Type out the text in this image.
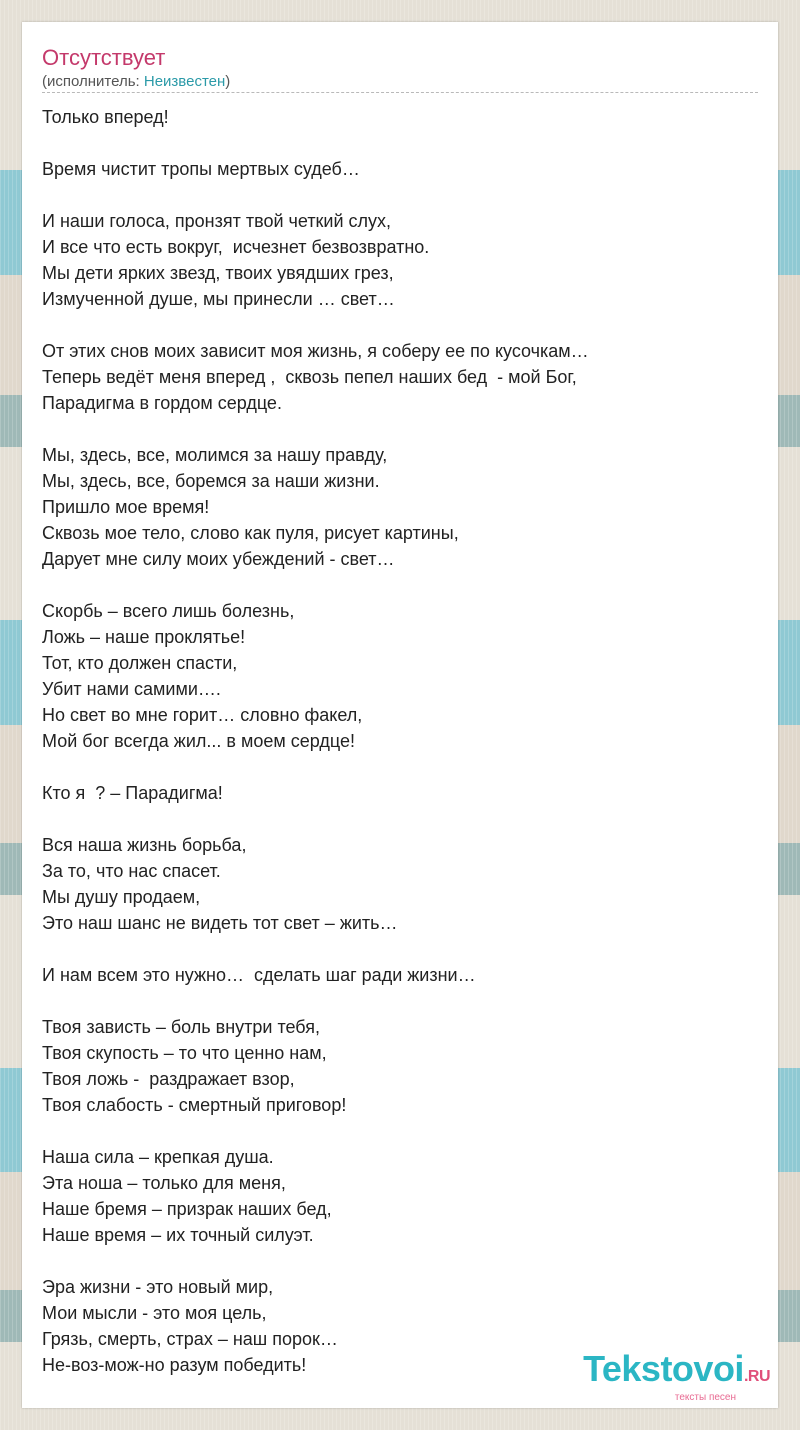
Отсутствует
(исполнитель: Неизвестен)
Только вперед!
Время чистит тропы мертвых судеб…
И наши голоса, пронзят твой четкий слух,
И все что есть вокруг,  исчезнет безвозвратно.
Мы дети ярких звезд, твоих увядших грез,
Измученной душе, мы принесли … свет…
От этих снов моих зависит моя жизнь, я соберу ее по кусочкам…
Теперь ведёт меня вперед ,  сквозь пепел наших бед  - мой Бог,
Парадигма в гордом сердце.
Мы, здесь, все, молимся за нашу правду,
Мы, здесь, все, боремся за наши жизни.
Пришло мое время!
Сквозь мое тело, слово как пуля, рисует картины,
Дарует мне силу моих убеждений - свет…
Скорбь – всего лишь болезнь,
Ложь – наше проклятье!
Тот, кто должен спасти,
Убит нами самими….
Но свет во мне горит… словно факел,
Мой бог всегда жил... в моем сердце!
Кто я  ? – Парадигма!
Вся наша жизнь борьба,
За то, что нас спасет.
Мы душу продаем,
Это наш шанс не видеть тот свет – жить…
И нам всем это нужно…  сделать шаг ради жизни…
Твоя зависть – боль внутри тебя,
Твоя скупость – то что ценно нам,
Твоя ложь -  раздражает взор,
Твоя слабость - смертный приговор!
Наша сила – крепкая душа.
Эта ноша – только для меня,
Наше бремя – призрак наших бед,
Наше время – их точный силуэт.
Эра жизни - это новый мир,
Мои мысли - это моя цель,
Грязь, смерть, страх – наш порок…
Не-воз-мож-но разум победить!	Tekstovoi.RU
тексты песен
